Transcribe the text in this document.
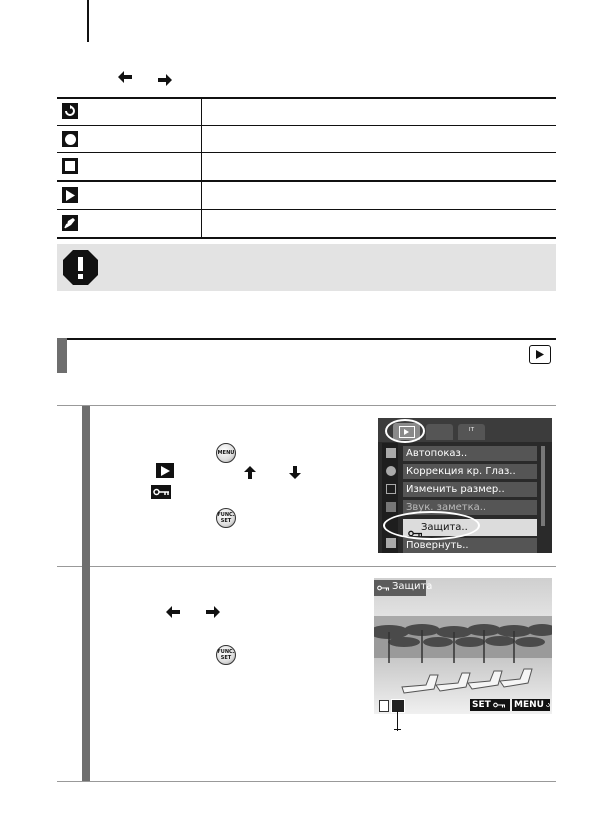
MENU
FUNC.
SET
ᴵᵀ
Автопоказ..
Коррекция кр. Глаз..
Изменить размер..
Звук. заметка..
Защита..
Повернуть..
FUNC.
SET
Защита
SET	MENU
